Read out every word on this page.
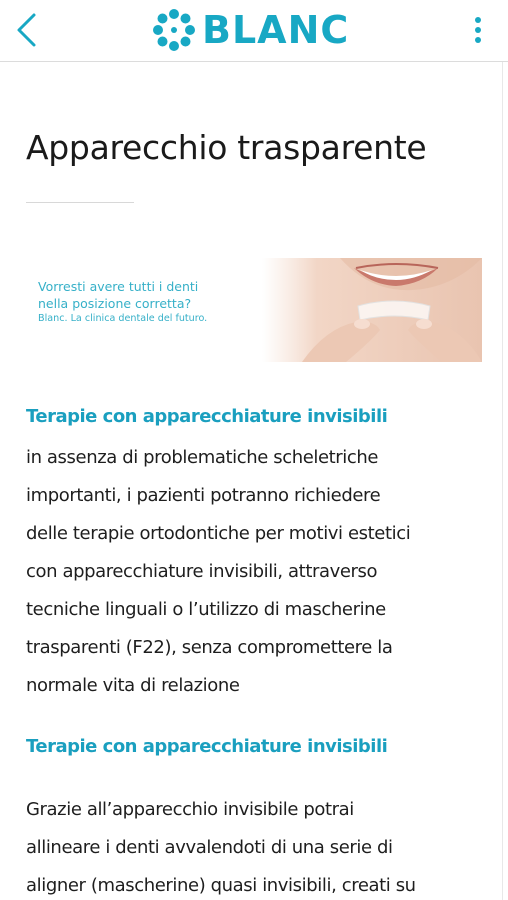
BLANC
Apparecchio trasparente
Vorresti avere tutti i denti
nella posizione corretta?
Blanc. La clinica dentale del futuro.
Terapie con apparecchiature invisibili
in assenza di problematiche scheletriche
importanti, i pazienti potranno richiedere
delle terapie ortodontiche per motivi estetici
con apparecchiature invisibili, attraverso
tecniche linguali o l’utilizzo di mascherine
trasparenti (F22), senza compromettere la
normale vita di relazione
Terapie con apparecchiature invisibili
Grazie all’apparecchio invisibile potrai
allineare i denti avvalendoti di una serie di
aligner (mascherine) quasi invisibili, creati su
